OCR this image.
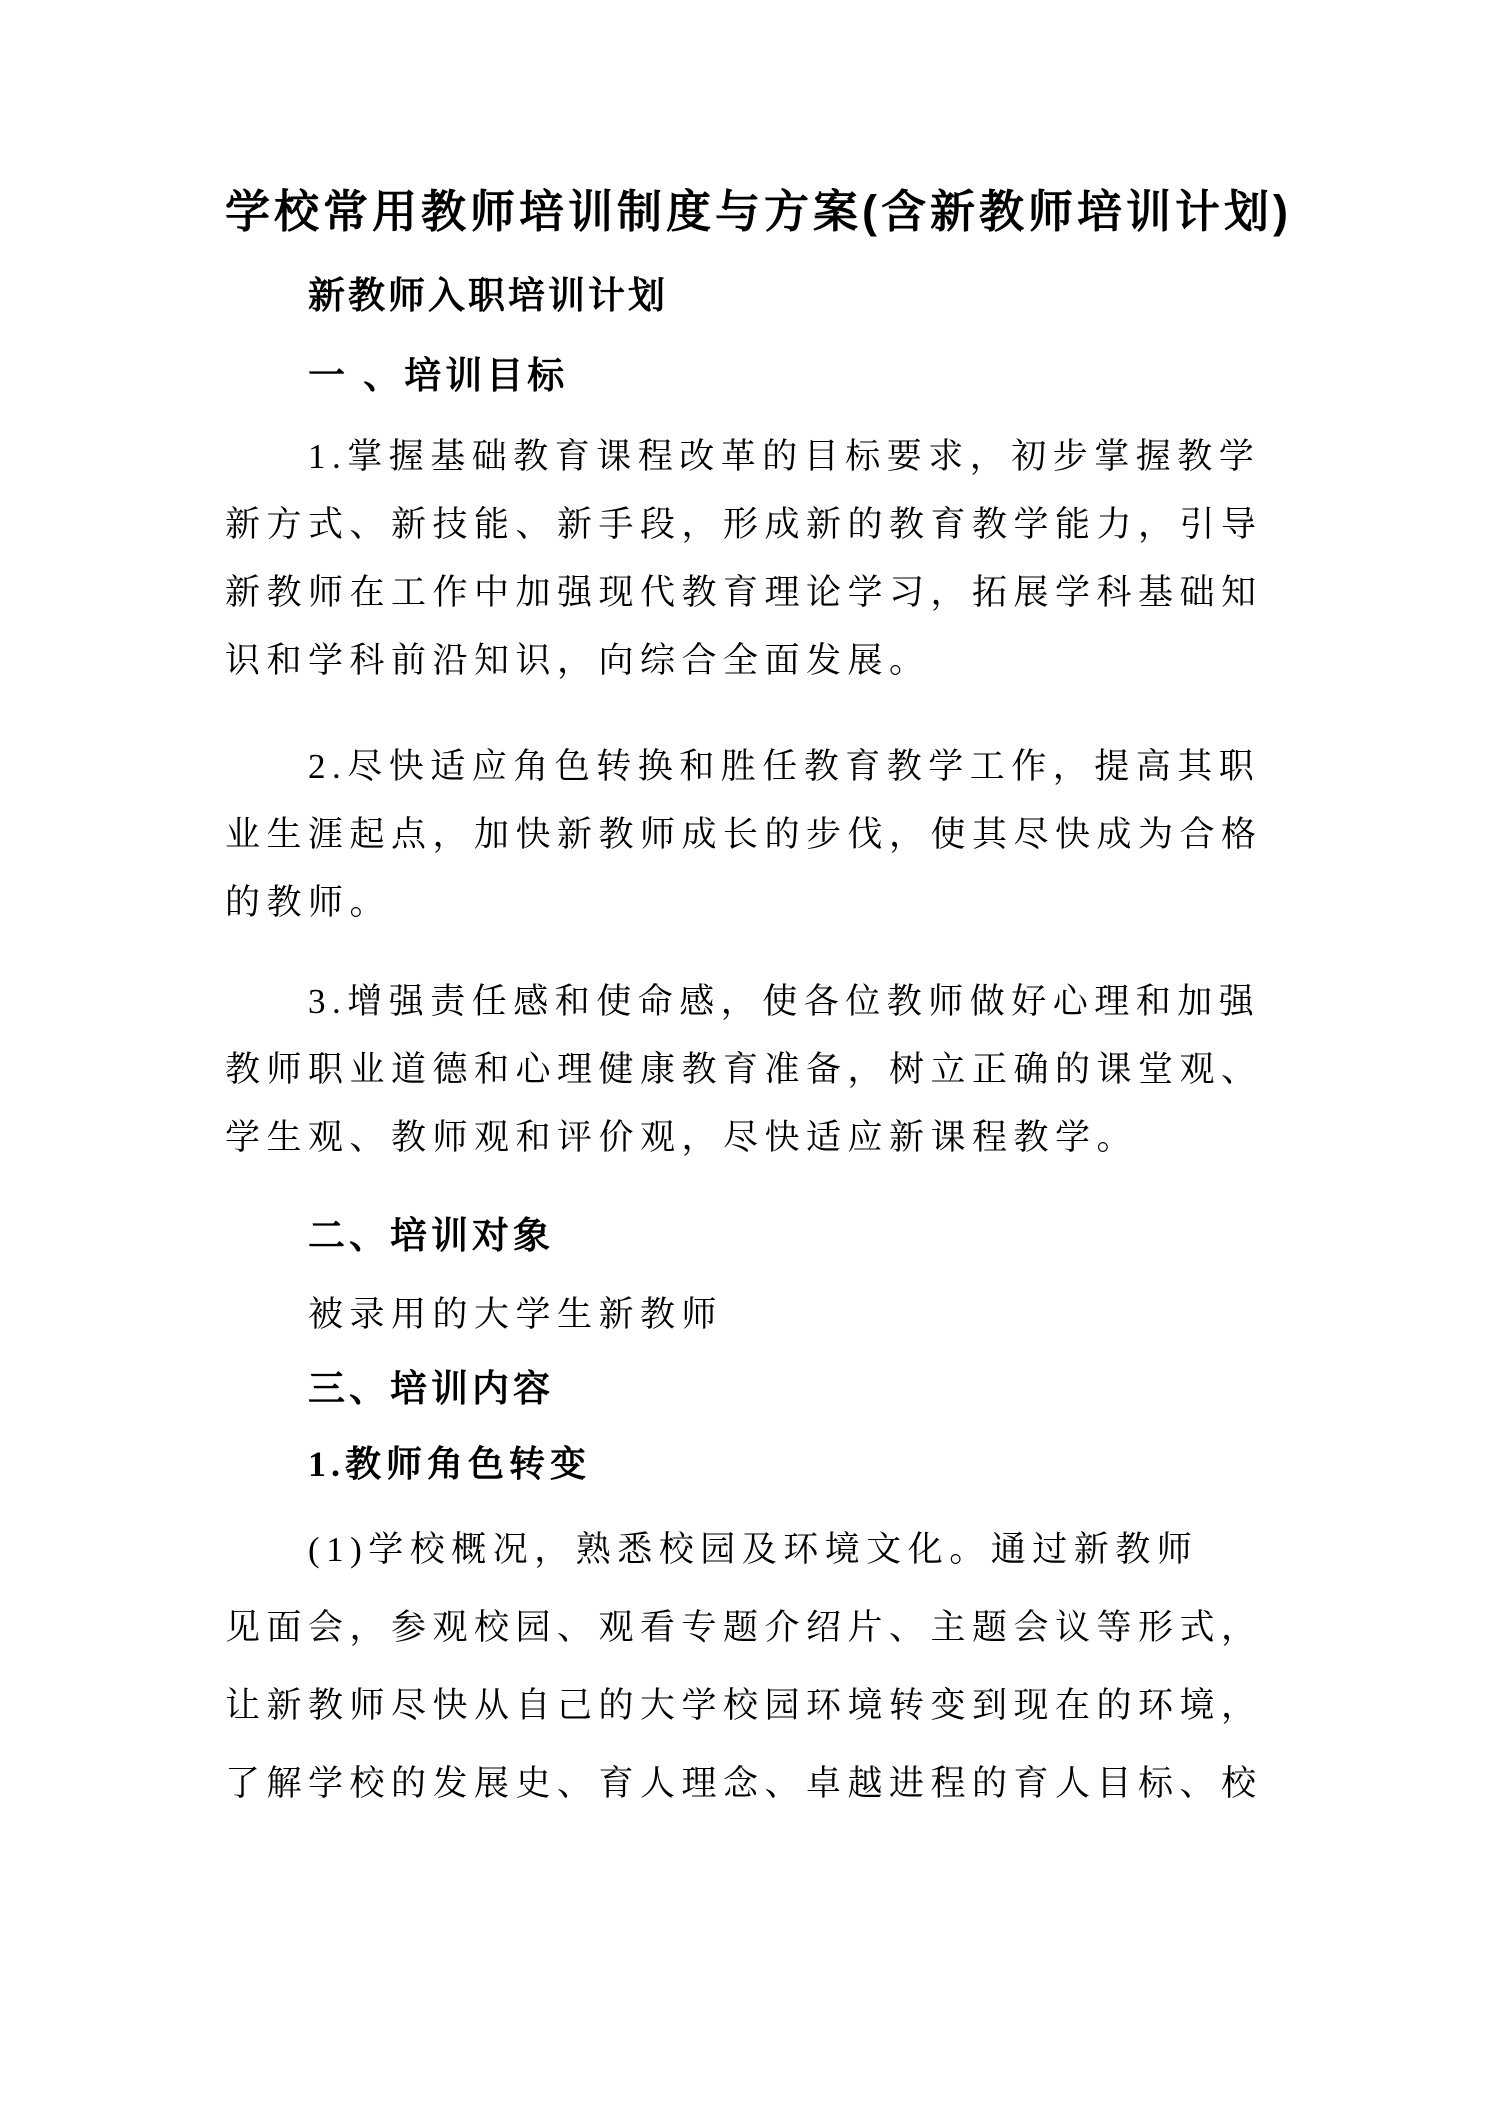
学校常用教师培训制度与方案(含新教师培训计划)
新教师入职培训计划
一 、培训目标
1.掌握基础教育课程改革的目标要求，初步掌握教学
新方式、新技能、新手段，形成新的教育教学能力，引导
新教师在工作中加强现代教育理论学习，拓展学科基础知
识和学科前沿知识，向综合全面发展。
2.尽快适应角色转换和胜任教育教学工作，提高其职
业生涯起点，加快新教师成长的步伐，使其尽快成为合格
的教师。
3.增强责任感和使命感，使各位教师做好心理和加强
教师职业道德和心理健康教育准备，树立正确的课堂观、
学生观、教师观和评价观，尽快适应新课程教学。
二、培训对象
被录用的大学生新教师
三、培训内容
1.教师角色转变
(1)学校概况，熟悉校园及环境文化。通过新教师
见面会，参观校园、观看专题介绍片、主题会议等形式，
让新教师尽快从自己的大学校园环境转变到现在的环境，
了解学校的发展史、育人理念、卓越进程的育人目标、校
